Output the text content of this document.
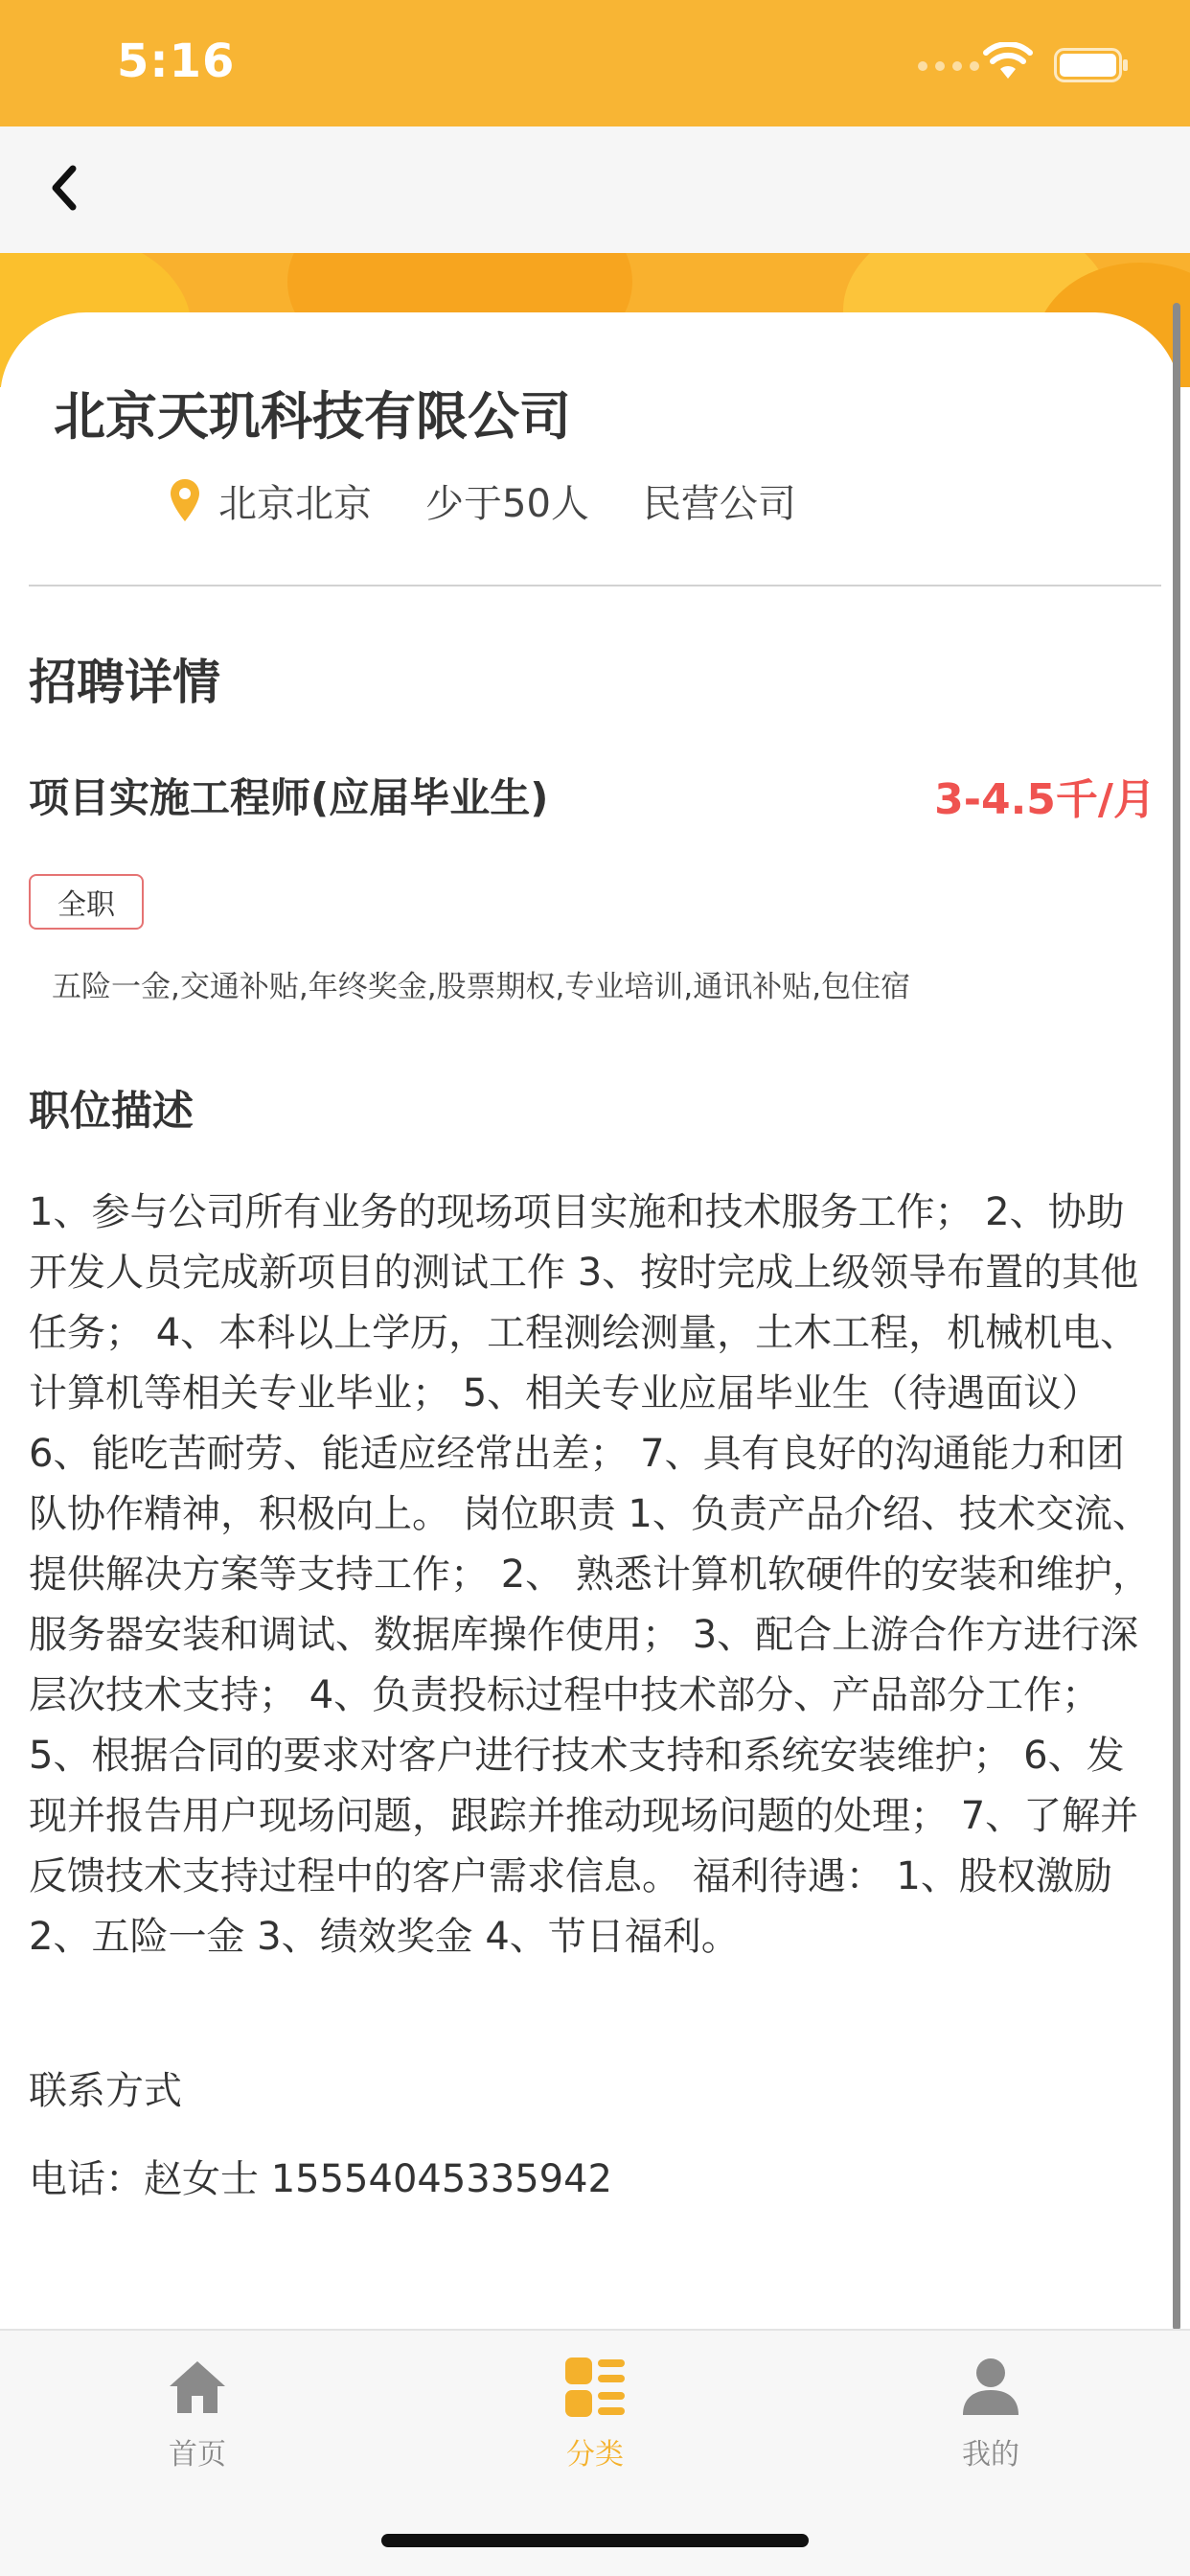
5:16
北京天玑科技有限公司
北京北京 少于50人 民营公司
招聘详情
项目实施工程师(应届毕业生)	3-4.5千/月
全职
五险一金,交通补贴,年终奖金,股票期权,专业培训,通讯补贴,包住宿
职位描述
1、参与公司所有业务的现场项目实施和技术服务工作； 2、协助开发人员完成新项目的测试工作 3、按时完成上级领导布置的其他任务； 4、本科以上学历，工程测绘测量，土木工程，机械机电、计算机等相关专业毕业； 5、相关专业应届毕业生（待遇面议） 6、能吃苦耐劳、能适应经常出差； 7、具有良好的沟通能力和团队协作精神，积极向上。 岗位职责 1、负责产品介绍、技术交流、提供解决方案等支持工作； 2、 熟悉计算机软硬件的安装和维护，服务器安装和调试、数据库操作使用； 3、配合上游合作方进行深层次技术支持； 4、负责投标过程中技术部分、产品部分工作； 5、根据合同的要求对客户进行技术支持和系统安装维护； 6、发现并报告用户现场问题，跟踪并推动现场问题的处理； 7、了解并反馈技术支持过程中的客户需求信息。 福利待遇： 1、股权激励 2、五险一金 3、绩效奖金 4、节日福利。
联系方式
电话：赵女士 15554045335942
首页	分类	我的
